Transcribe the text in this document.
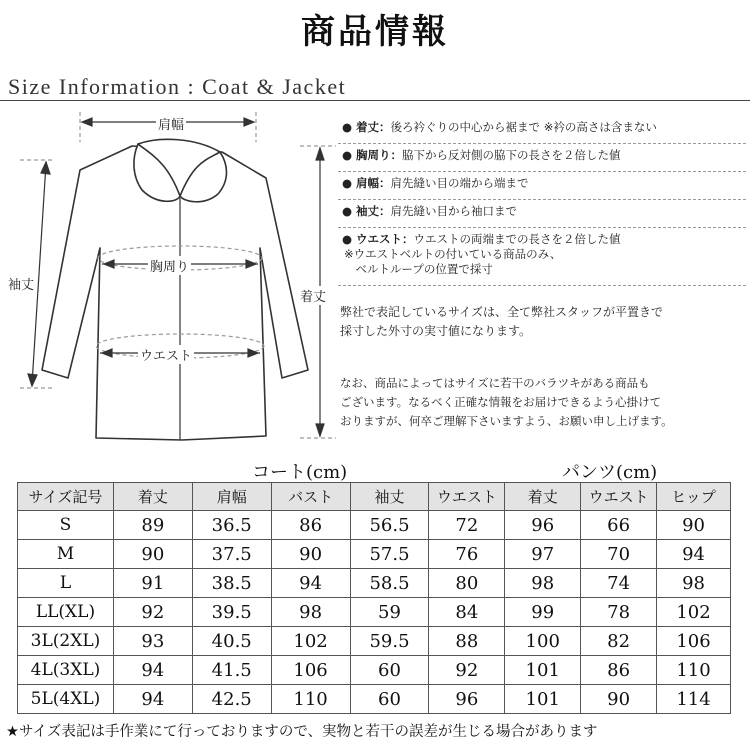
商品情報
Size Information : Coat & Jacket
肩幅
胸周り
ウエスト
袖丈
着丈
● 着丈：後ろ衿ぐりの中心から裾まで ※衿の高さは含まない
● 胸周り：脇下から反対側の脇下の長さを２倍した値
● 肩幅：肩先縫い目の端から端まで
● 袖丈：肩先縫い目から袖口まで
● ウエスト：ウエストの両端までの長さを２倍した値
※ウエストベルトの付いている商品のみ、
　ベルトループの位置で採寸
弊社で表記しているサイズは、全て弊社スタッフが平置きで
採寸した外寸の実寸値になります。
なお、商品によってはサイズに若干のバラツキがある商品も
ございます。なるべく正確な情報をお届けできるよう心掛けて
おりますが、何卒ご理解下さいますよう、お願い申し上げます。
コート(cm)	パンツ(cm)
サイズ記号	着丈	肩幅	バスト	袖丈	ウエスト	着丈	ウエスト	ヒップ
S	89	36.5	86	56.5	72	96	66	90
M	90	37.5	90	57.5	76	97	70	94
L	91	38.5	94	58.5	80	98	74	98
LL(XL)	92	39.5	98	59	84	99	78	102
3L(2XL)	93	40.5	102	59.5	88	100	82	106
4L(3XL)	94	41.5	106	60	92	101	86	110
5L(4XL)	94	42.5	110	60	96	101	90	114
★サイズ表記は手作業にて行っておりますので、実物と若干の誤差が生じる場合があります
